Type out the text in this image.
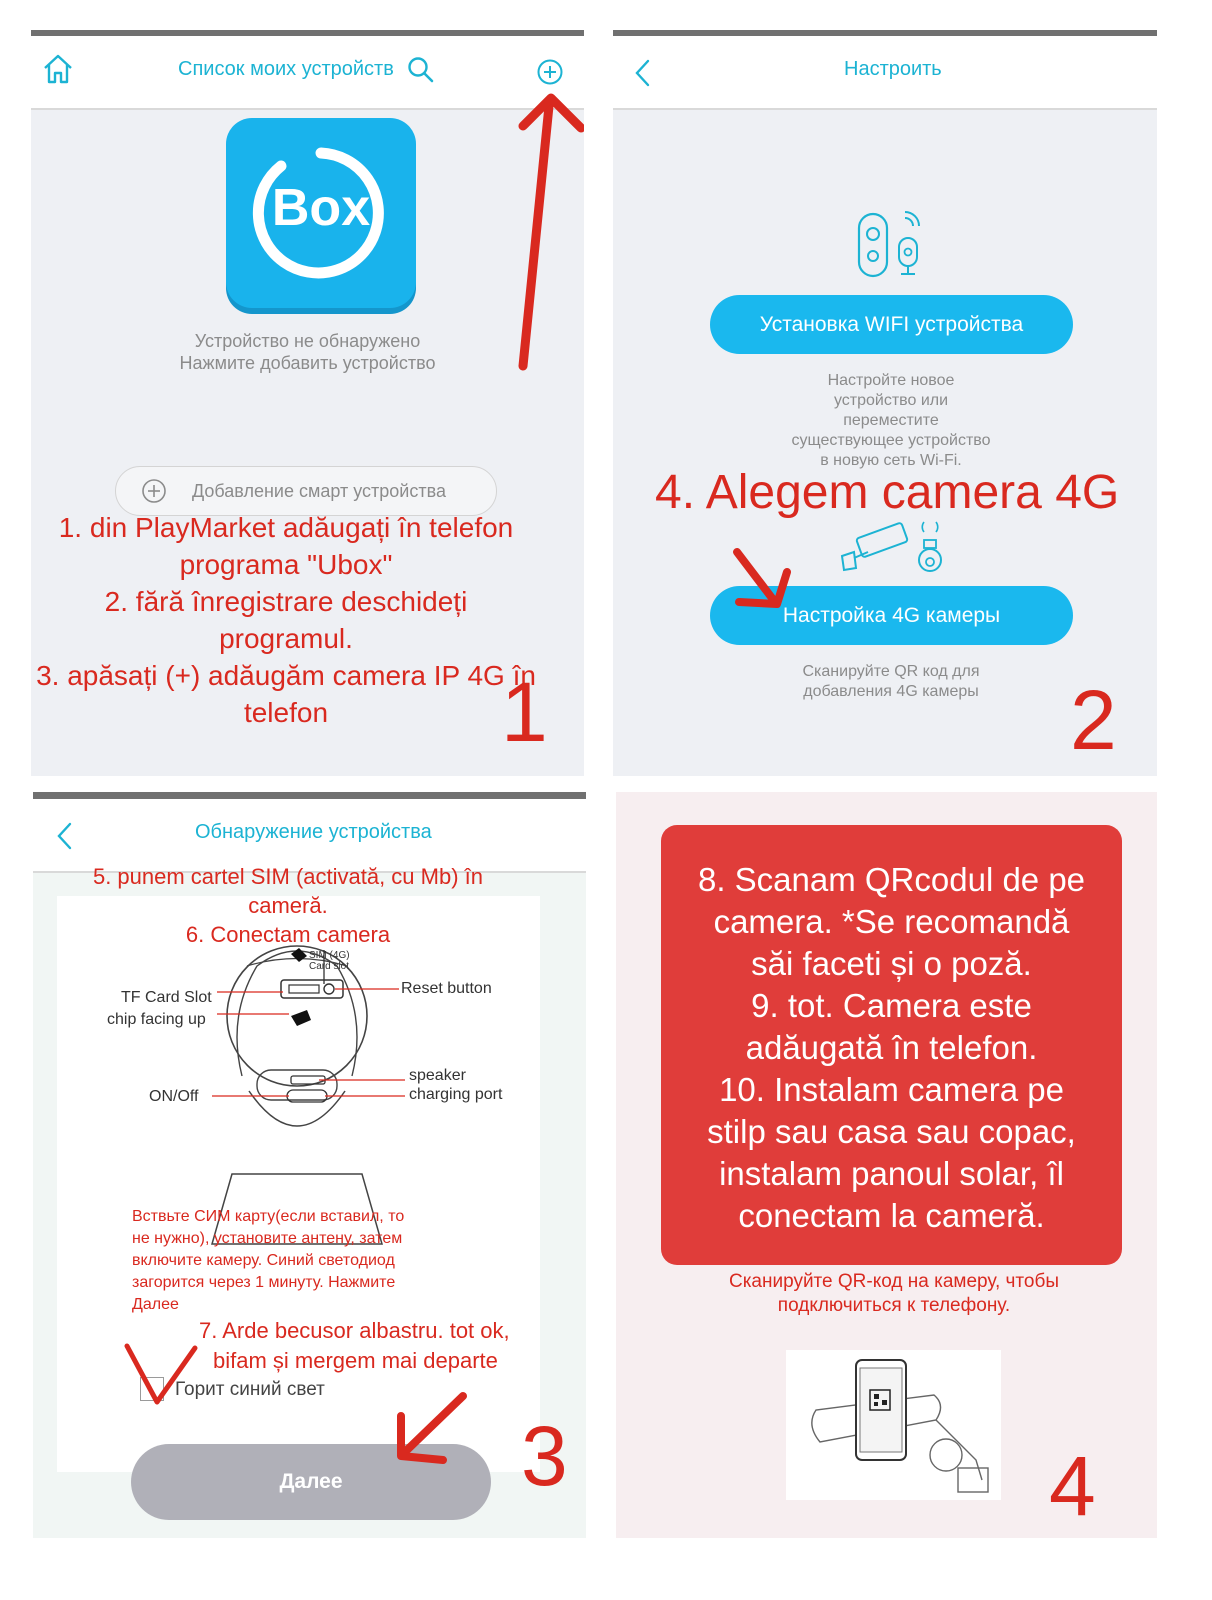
Список моих устройств
Box
Устройство не обнаружено
Нажмите добавить устройство
Добавление смарт устройства
1. din PlayMarket adăugați în telefon
programa "Ubox"
2. fără înregistrare deschideți
programul.
3. apăsați (+) adăugăm camera IP 4G în
telefon	1
Настроить
Установка WIFI устройства
Настройте новое
устройство или
переместите
существующее устройство
в новую сеть Wi-Fi.
4. Alegem camera 4G
Настройка 4G камеры
Сканируйте QR код для
добавления 4G камеры	2
Обнаружение устройства
SIM (4G)
Card slot
TF Card Slot
chip facing up
Reset button
speaker
charging port
ON/Off
5. punem cartel SIM (activată, cu Mb) în
cameră.
6. Conectam camera
Вствьте СИМ карту(если вставил, то
не нужно), установите антену, затем
включите камеру. Синий светодиод
загорится через 1 минуту. Нажмите
Далее
7. Arde becusor albastru. tot ok,
bifam și mergem mai departe
Горит синий свет
Далее	3
8. Scanam QRcodul de pe
camera. *Se recomandă
săi faceti și o poză.
9. tot. Camera este
adăugată în telefon.
10. Instalam camera pe
stilp sau casa sau copac,
instalam panoul solar, îl
conectam la cameră.
Сканируйте QR-код на камеру, чтобы
подключиться к телефону.
4
